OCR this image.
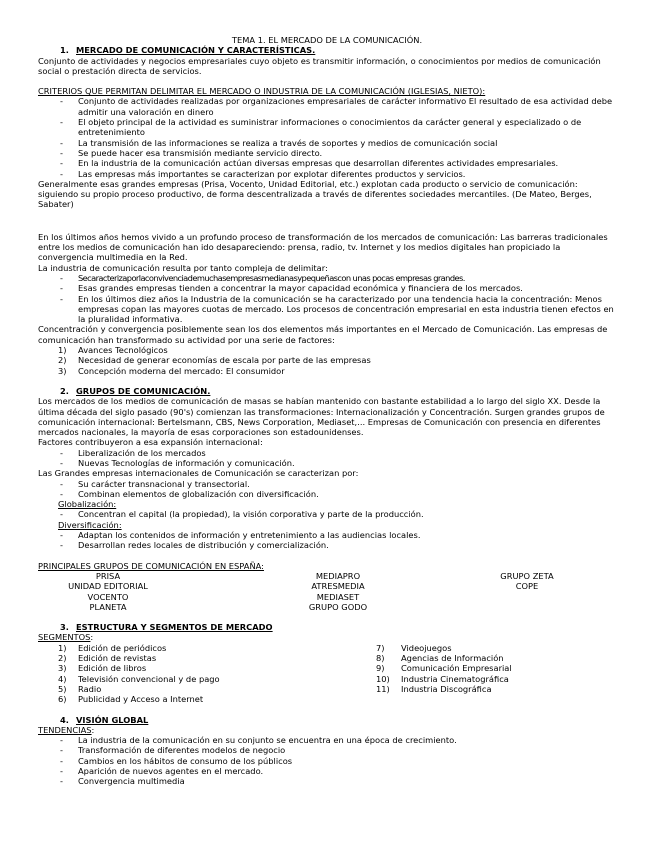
TEMA 1. EL MERCADO DE LA COMUNICACIÓN.

1. MERCADO DE COMUNICACIÓN Y CARACTERÍSTICAS.

Conjunto de actividades y negocios empresariales cuyo objeto es transmitir información, o conocimientos por medios de comunicación social o prestación directa de servicios.

CRITERIOS QUE PERMITAN DELIMITAR EL MERCADO O INDUSTRIA DE LA COMUNICACIÓN (IGLESIAS, NIETO):

- Conjunto de actividades realizadas por organizaciones empresariales de carácter informativo El resultado de esa actividad debe admitir una valoración en dinero
- El objeto principal de la actividad es suministrar informaciones o conocimientos da carácter general y especializado o de entretenimiento
- La transmisión de las informaciones se realiza a través de soportes y medios de comunicación social
- Se puede hacer esa transmisión mediante servicio directo.
- En la industria de la comunicación actúan diversas empresas que desarrollan diferentes actividades empresariales.
- Las empresas más importantes se caracterizan por explotar diferentes productos y servicios.

Generalmente esas grandes empresas (Prisa, Vocento, Unidad Editorial, etc.) explotan cada producto o servicio de comunicación: siguiendo su propio proceso productivo, de forma descentralizada a través de diferentes sociedades mercantiles. (De Mateo, Berges, Sabater)

En los últimos años hemos vivido a un profundo proceso de transformación de los mercados de comunicación: Las barreras tradicionales entre los medios de comunicación han ido desapareciendo: prensa, radio, tv. Internet y los medios digitales han propiciado la convergencia multimedia en la Red.

La industria de comunicación resulta por tanto compleja de delimitar:

- Secaracterizaporlaconvivenciademuchasempresasmedianasypequeñascon unas pocas empresas grandes.
- Esas grandes empresas tienden a concentrar la mayor capacidad económica y financiera de los mercados.
- En los últimos diez años la Industria de la comunicación se ha caracterizado por una tendencia hacia la concentración: Menos empresas copan las mayores cuotas de mercado. Los procesos de concentración empresarial en esta industria tienen efectos en la pluralidad informativa.

Concentración y convergencia posiblemente sean los dos elementos más importantes en el Mercado de Comunicación. Las empresas de comunicación han transformado su actividad por una serie de factores:

1) Avances Tecnológicos
2) Necesidad de generar economías de escala por parte de las empresas
3) Concepción moderna del mercado: El consumidor

2. GRUPOS DE COMUNICACIÓN.

Los mercados de los medios de comunicación de masas se habían mantenido con bastante estabilidad a lo largo del siglo XX. Desde la última década del siglo pasado (90's) comienzan las transformaciones: Internacionalización y Concentración. Surgen grandes grupos de comunicación internacional: Bertelsmann, CBS, News Corporation, Mediaset,... Empresas de Comunicación con presencia en diferentes mercados nacionales, la mayoría de esas corporaciones son estadounidenses.

Factores contribuyeron a esa expansión internacional:

- Liberalización de los mercados
- Nuevas Tecnologías de información y comunicación.

Las Grandes empresas internacionales de Comunicación se caracterizan por:

- Su carácter transnacional y transectorial.
- Combinan elementos de globalización con diversificación.

Globalización:

- Concentran el capital (la propiedad), la visión corporativa y parte de la producción.

Diversificación:

- Adaptan los contenidos de información y entretenimiento a las audiencias locales.
- Desarrollan redes locales de distribución y comercialización.

PRINCIPALES GRUPOS DE COMUNICACIÓN EN ESPAÑA:

PRISA
UNIDAD EDITORIAL
VOCENTO
PLANETA
MEDIAPRO
ATRESMEDIA
MEDIASET
GRUPO GODO
GRUPO ZETA
COPE

3. ESTRUCTURA Y SEGMENTOS DE MERCADO

SEGMENTOS:

1) Edición de periódicos
2) Edición de revistas
3) Edición de libros
4) Televisión convencional y de pago
5) Radio
6) Publicidad y Acceso a Internet
7) Videojuegos
8) Agencias de Información
9) Comunicación Empresarial
10) Industria Cinematográfica
11) Industria Discográfica

4. VISIÓN GLOBAL

TENDENCIAS:

- La industria de la comunicación en su conjunto se encuentra en una época de crecimiento.
- Transformación de diferentes modelos de negocio
- Cambios en los hábitos de consumo de los públicos
- Aparición de nuevos agentes en el mercado.
- Convergencia multimedia
